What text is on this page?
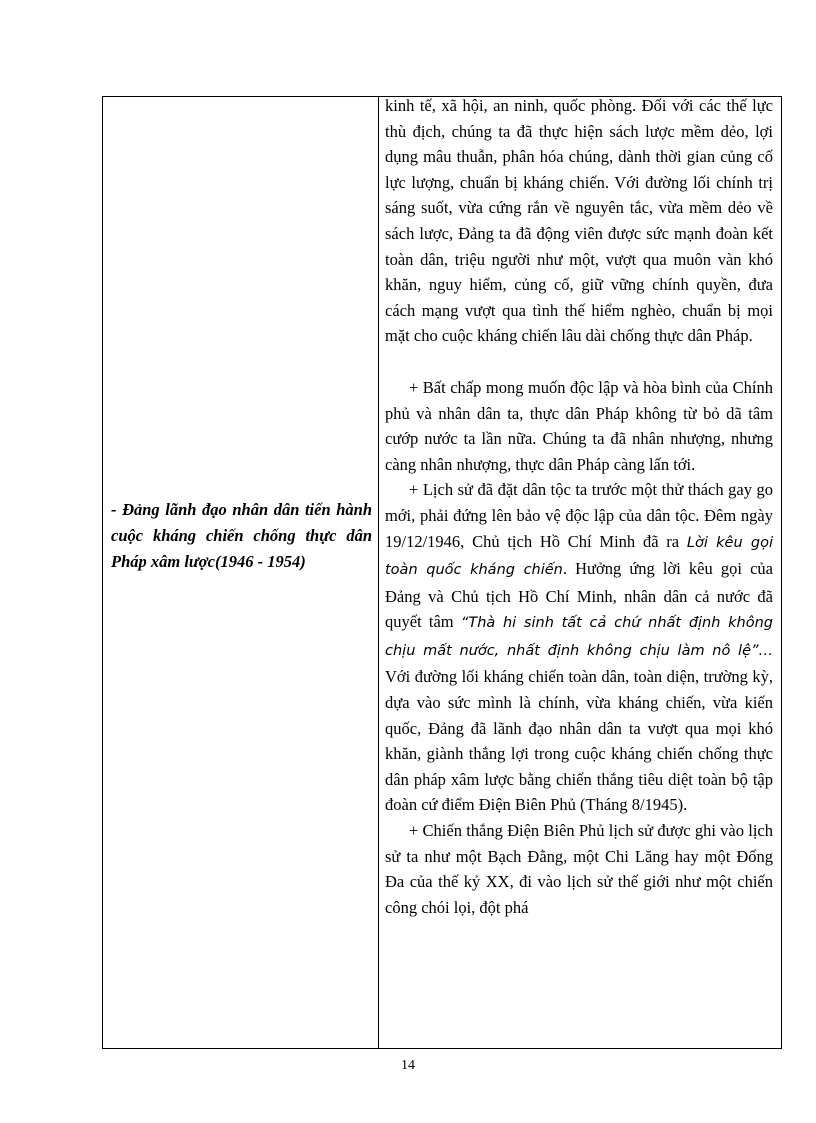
- Đảng lãnh đạo nhân dân tiến hành cuộc kháng chiến chống thực dân Pháp xâm lược(1946 - 1954)

kinh tế, xã hội, an ninh, quốc phòng. Đối với các thế lực thù địch, chúng ta đã thực hiện sách lược mềm dẻo, lợi dụng mâu thuẫn, phân hóa chúng, dành thời gian củng cố lực lượng, chuẩn bị kháng chiến. Với đường lối chính trị sáng suốt, vừa cứng rắn về nguyên tắc, vừa mềm dẻo về sách lược, Đảng ta đã động viên được sức mạnh đoàn kết toàn dân, triệu người như một, vượt qua muôn vàn khó khăn, nguy hiểm, củng cố, giữ vững chính quyền, đưa cách mạng vượt qua tình thế hiểm nghèo, chuẩn bị mọi mặt cho cuộc kháng chiến lâu dài chống thực dân Pháp.

+ Bất chấp mong muốn độc lập và hòa bình của Chính phủ và nhân dân ta, thực dân Pháp không từ bỏ dã tâm cướp nước ta lần nữa. Chúng ta đã nhân nhượng, nhưng càng nhân nhượng, thực dân Pháp càng lấn tới.

+ Lịch sử đã đặt dân tộc ta trước một thử thách gay go mới, phải đứng lên bảo vệ độc lập của dân tộc. Đêm ngày 19/12/1946, Chủ tịch Hồ Chí Minh đã ra Lời kêu gọi toàn quốc kháng chiến. Hưởng ứng lời kêu gọi của Đảng và Chủ tịch Hồ Chí Minh, nhân dân cả nước đã quyết tâm “Thà hi sinh tất cả chứ nhất định không chịu mất nước, nhất định không chịu làm nô lệ”… Với đường lối kháng chiến toàn dân, toàn diện, trường kỳ, dựa vào sức mình là chính, vừa kháng chiến, vừa kiến quốc, Đảng đã lãnh đạo nhân dân ta vượt qua mọi khó khăn, giành thắng lợi trong cuộc kháng chiến chống thực dân pháp xâm lược bằng chiến thắng tiêu diệt toàn bộ tập đoàn cứ điểm Điện Biên Phủ (Tháng 8/1945).

+ Chiến thắng Điện Biên Phủ lịch sử được ghi vào lịch sử ta như một Bạch Đằng, một Chi Lăng hay một Đống Đa của thế kỷ XX, đi vào lịch sử thế giới như một chiến công chói lọi, đột phá

14
